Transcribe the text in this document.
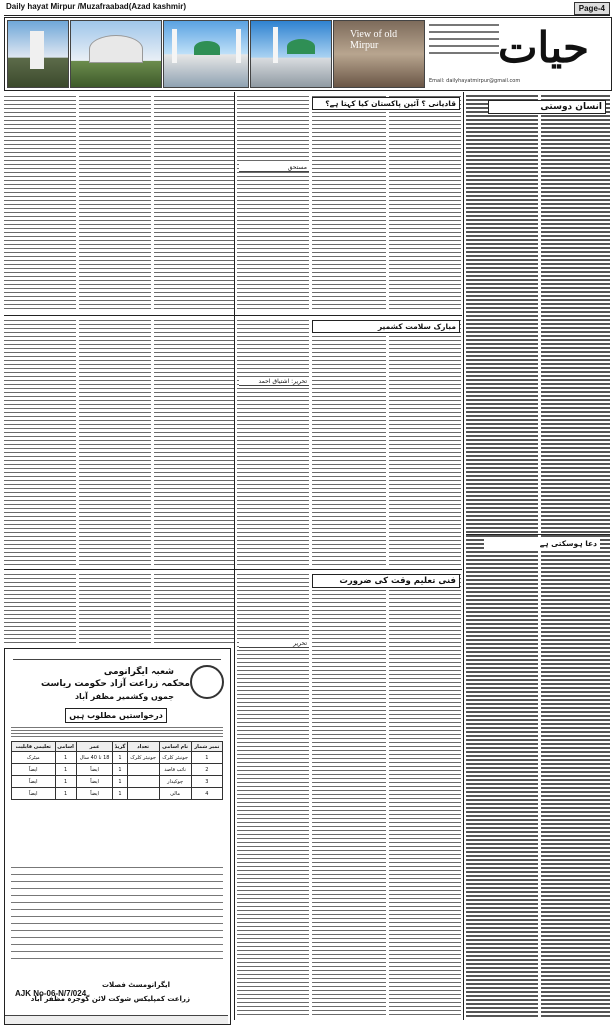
Daily hayat Mirpur /Muzafraabad(Azad kashmir)	Page-4
View of old Mirpur	حیات
Email: dailyhayatmirpur@gmail.com
قادیانی ؟ آئین پاکستان کیا کہتا ہے؟	انسان دوستی
مستحق
مبارک سلامت کشمیر
تحریر: اشتیاق احمد
دعا ہوسکتی ہے
فنی تعلیم وقت کی ضرورت
تحریر
شعبہ ایگرانومی
محکمہ زراعت آزاد حکومت ریاست
جموں وکشمیر مظفر آباد
درخواستیں مطلوب ہیں
تعلیمی قابلیت	اسامی	عمر	گریڈ	تعداد	نام اسامی	نمبر شمار
میٹرک	1	18 تا 40 سال	1	جونیئر کلرک	جونیئر کلرک	1
ایضاً	1	ایضاً	1		نائب قاصد	2
ایضاً	1	ایضاً	1		چوکیدار	3
ایضاً	1	ایضاً	1		مالی	4
ایگرانومسٹ فصلات
زراعت کمپلیکس شوکت لائن گوجرہ مظفر آباد
AJK No-06-N/7/024
